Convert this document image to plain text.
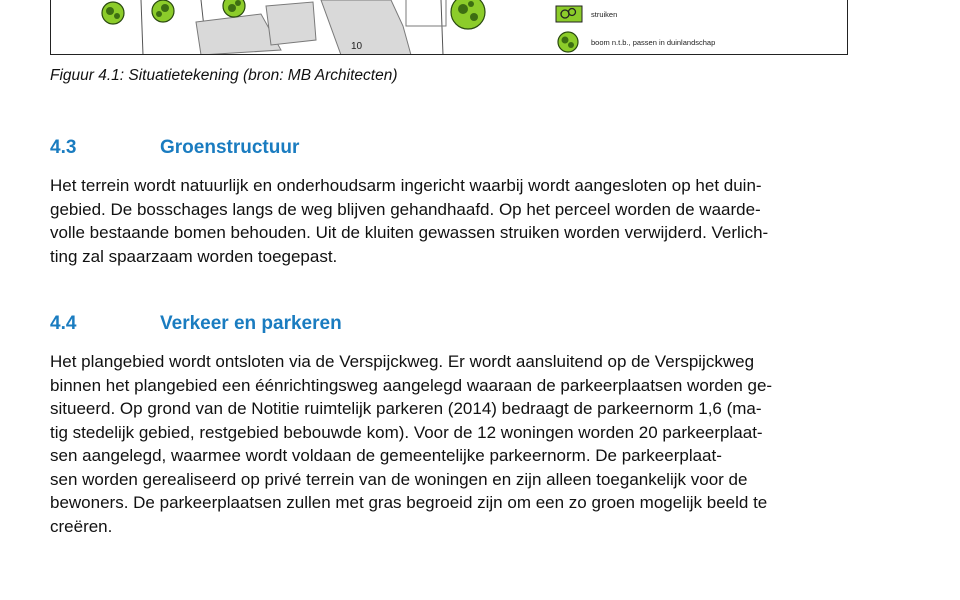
10
struiken
boom n.t.b., passen in duinlandschap
Figuur 4.1: Situatietekening (bron: MB Architecten)
4.3	Groenstructuur
Het terrein wordt natuurlijk en onderhoudsarm ingericht waarbij wordt aangesloten op het duin-
gebied. De bosschages langs de weg blijven gehandhaafd. Op het perceel worden de waarde-
volle bestaande bomen behouden. Uit de kluiten gewassen struiken worden verwijderd. Verlich-
ting zal spaarzaam worden toegepast.
4.4	Verkeer en parkeren
Het plangebied wordt ontsloten via de Verspijckweg. Er wordt aansluitend op de Verspijckweg
binnen het plangebied een éénrichtingsweg aangelegd waaraan de parkeerplaatsen worden ge-
situeerd. Op grond van de Notitie ruimtelijk parkeren (2014) bedraagt de parkeernorm 1,6 (ma-
tig stedelijk gebied, restgebied bebouwde kom). Voor de 12 woningen worden 20 parkeerplaat-
sen aangelegd, waarmee wordt voldaan de gemeentelijke parkeernorm. De parkeerplaat-
sen worden gerealiseerd op privé terrein van de woningen en zijn alleen toegankelijk voor de
bewoners. De parkeerplaatsen zullen met gras begroeid zijn om een zo groen mogelijk beeld te
creëren.
